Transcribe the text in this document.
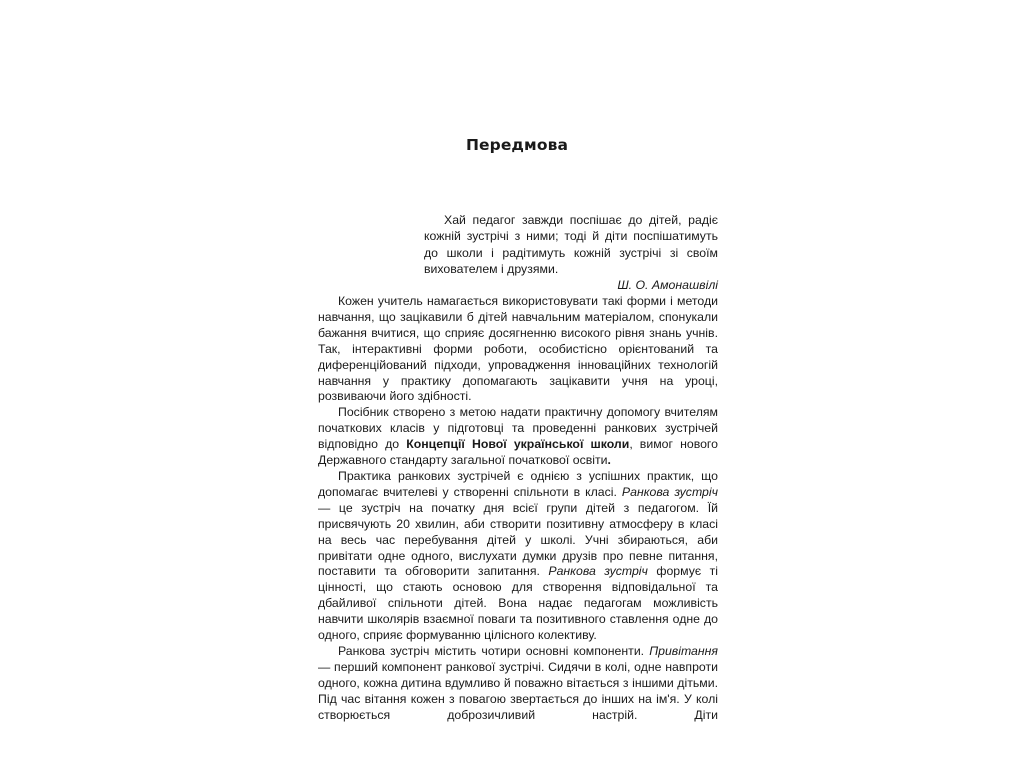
Передмова

Хай педагог завжди поспішає до дітей, радіє кожній зустрічі з ними; тоді й діти поспішатимуть до школи і радітимуть кожній зустрічі зі своїм вихователем і друзями.

Ш. О. Амонашвілі

Кожен учитель намагається використовувати такі форми і методи навчання, що зацікавили б дітей навчальним матеріалом, спонукали бажання вчитися, що сприяє досягненню високого рівня знань учнів. Так, інтерактивні форми роботи, особистісно орієнтований та диференційований підходи, упровадження інноваційних технологій навчання у практику допомагають зацікавити учня на уроці, розвиваючи його здібності.

Посібник створено з метою надати практичну допомогу вчителям початкових класів у підготовці та проведенні ранкових зустрічей відповідно до Концепції Нової української школи, вимог нового Державного стандарту загальної початкової освіти.

Практика ранкових зустрічей є однією з успішних практик, що допомагає вчителеві у створенні спільноти в класі. Ранкова зустріч — це зустріч на початку дня всієї групи дітей з педагогом. Їй присвячують 20 хвилин, аби створити позитивну атмосферу в класі на весь час перебування дітей у школі. Учні збираються, аби привітати одне одного, вислухати думки друзів про певне питання, поставити та обговорити запитання. Ранкова зустріч формує ті цінності, що стають основою для створення відповідальної та дбайливої спільноти дітей. Вона надає педагогам можливість навчити школярів взаємної поваги та позитивного ставлення одне до одного, сприяє формуванню цілісного колективу.

Ранкова зустріч містить чотири основні компоненти. Привітання — перший компонент ранкової зустрічі. Сидячи в колі, одне навпроти одного, кожна дитина вдумливо й поважно вітається з іншими дітьми. Під час вітання кожен з повагою звертається до інших на ім'я. У колі створюється доброзичливий настрій. Діти
